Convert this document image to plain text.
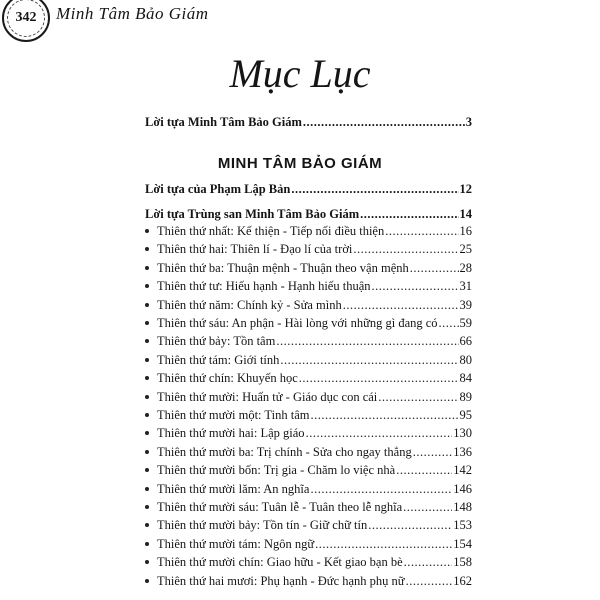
342	Minh Tâm Bảo Giám
Mục Lục
Lời tựa Minh Tâm Bảo Giám .....	3
MINH TÂM BẢO GIÁM
Lời tựa của Phạm Lập Bản .....	12
Lời tựa Trùng san Minh Tâm Bảo Giám .....	14
Thiên thứ nhất: Kế thiện - Tiếp nối điều thiện .....	16
Thiên thứ hai: Thiên lí - Đạo lí của trời .....	25
Thiên thứ ba: Thuận mệnh - Thuận theo vận mệnh .....	28
Thiên thứ tư: Hiếu hạnh - Hạnh hiếu thuận .....	31
Thiên thứ năm: Chính kỷ - Sửa mình .....	39
Thiên thứ sáu: An phận - Hài lòng với những gì đang có ..... 59
Thiên thứ bảy: Tồn tâm .....	66
Thiên thứ tám: Giới tính .....	80
Thiên thứ chín: Khuyến học .....	84
Thiên thứ mười: Huấn tử - Giáo dục con cái .....	89
Thiên thứ mười một: Tinh tâm .....	95
Thiên thứ mười hai: Lập giáo .....	130
Thiên thứ mười ba: Trị chính - Sửa cho ngay thẳng .....	136
Thiên thứ mười bốn: Trị gia - Chăm lo việc nhà .....	142
Thiên thứ mười lăm: An nghĩa .....	146
Thiên thứ mười sáu: Tuân lễ - Tuân theo lễ nghĩa .....	148
Thiên thứ mười bảy: Tồn tín - Giữ chữ tín .....	153
Thiên thứ mười tám: Ngôn ngữ .....	154
Thiên thứ mười chín: Giao hữu - Kết giao bạn bè .....	158
Thiên thứ hai mươi: Phụ hạnh - Đức hạnh phụ nữ .....	162
